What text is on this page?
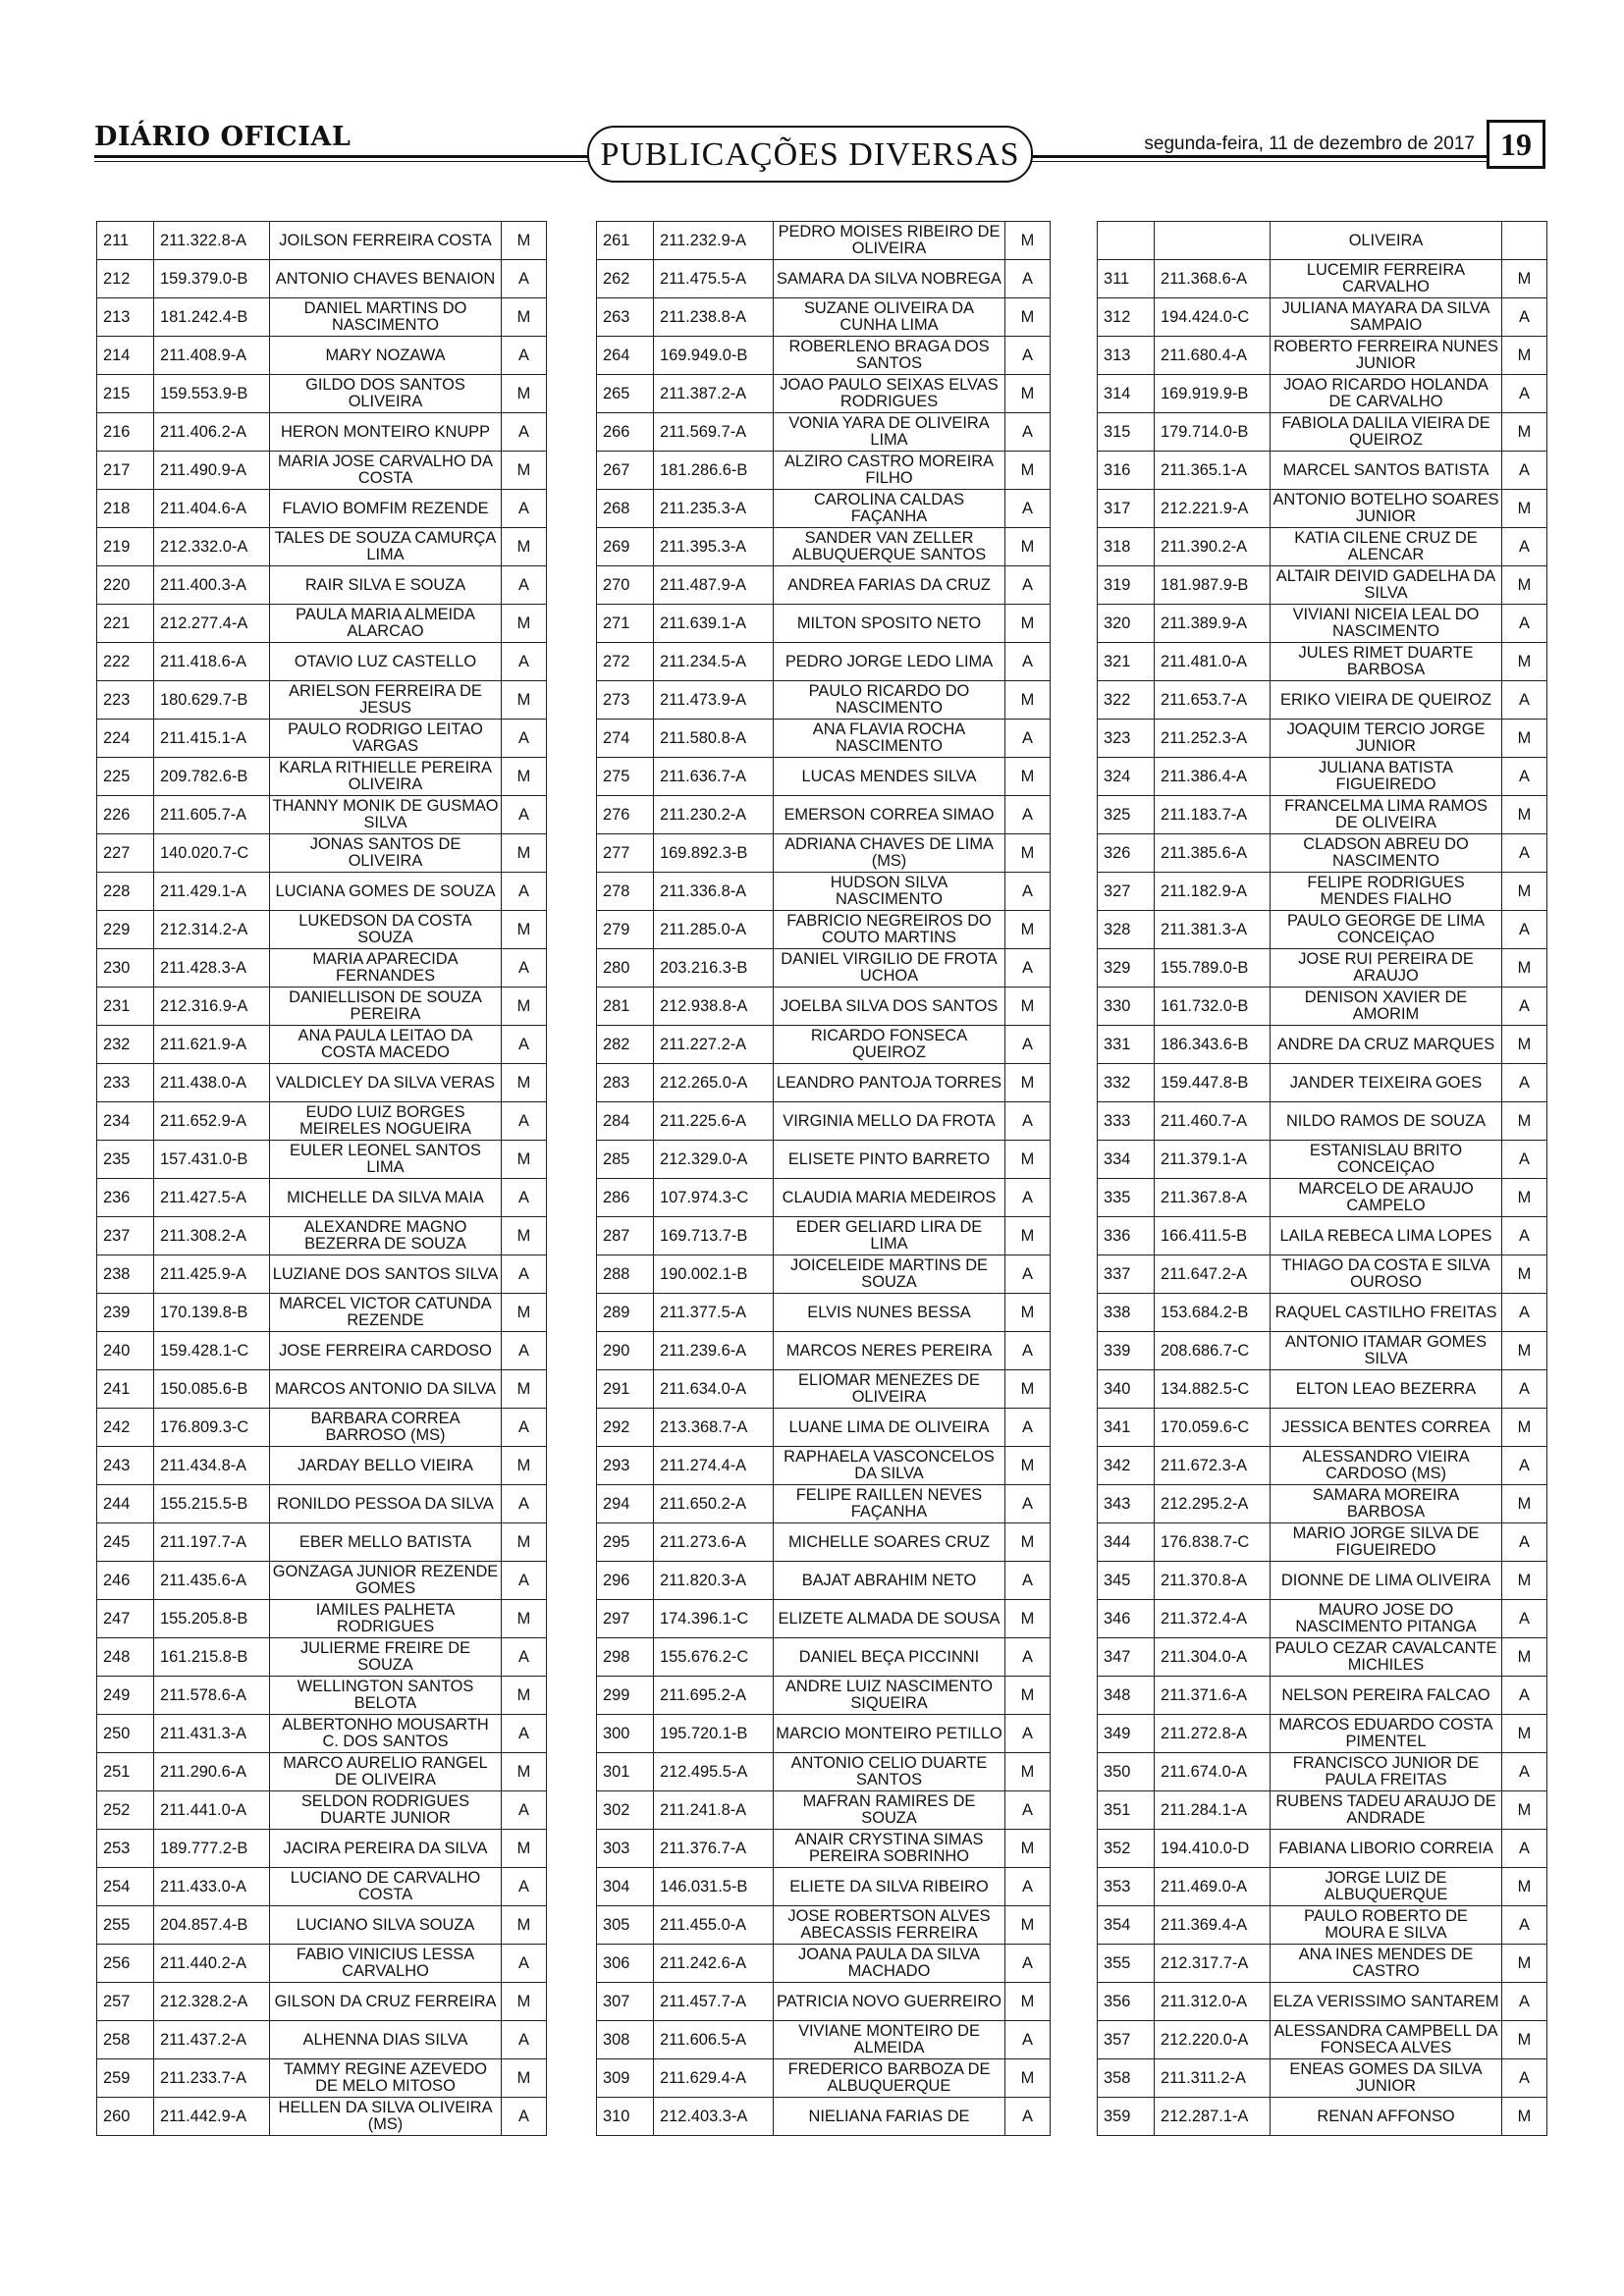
DIÁRIO OFICIAL	PUBLICAÇÕES DIVERSAS	segunda-feira, 11 de dezembro de 2017 19
211	211.322.8-A	JOILSON FERREIRA COSTA	M
212	159.379.0-B	ANTONIO CHAVES BENAION	A
213	181.242.4-B	DANIEL MARTINS DO NASCIMENTO	M
214	211.408.9-A	MARY NOZAWA	A
215	159.553.9-B	GILDO DOS SANTOS OLIVEIRA	M
216	211.406.2-A	HERON MONTEIRO KNUPP	A
217	211.490.9-A	MARIA JOSE CARVALHO DA COSTA	M
218	211.404.6-A	FLAVIO BOMFIM REZENDE	A
219	212.332.0-A	TALES DE SOUZA CAMURÇA LIMA	M
220	211.400.3-A	RAIR SILVA E SOUZA	A
221	212.277.4-A	PAULA MARIA ALMEIDA ALARCAO	M
222	211.418.6-A	OTAVIO LUZ CASTELLO	A
223	180.629.7-B	ARIELSON FERREIRA DE JESUS	M
224	211.415.1-A	PAULO RODRIGO LEITAO VARGAS	A
225	209.782.6-B	KARLA RITHIELLE PEREIRA OLIVEIRA	M
226	211.605.7-A	THANNY MONIK DE GUSMAO SILVA	A
227	140.020.7-C	JONAS SANTOS DE OLIVEIRA	M
228	211.429.1-A	LUCIANA GOMES DE SOUZA	A
229	212.314.2-A	LUKEDSON DA COSTA SOUZA	M
230	211.428.3-A	MARIA APARECIDA FERNANDES	A
231	212.316.9-A	DANIELLISON DE SOUZA PEREIRA	M
232	211.621.9-A	ANA PAULA LEITAO DA COSTA MACEDO	A
233	211.438.0-A	VALDICLEY DA SILVA VERAS	M
234	211.652.9-A	EUDO LUIZ BORGES MEIRELES NOGUEIRA	A
235	157.431.0-B	EULER LEONEL SANTOS LIMA	M
236	211.427.5-A	MICHELLE DA SILVA MAIA	A
237	211.308.2-A	ALEXANDRE MAGNO BEZERRA DE SOUZA	M
238	211.425.9-A	LUZIANE DOS SANTOS SILVA	A
239	170.139.8-B	MARCEL VICTOR CATUNDA REZENDE	M
240	159.428.1-C	JOSE FERREIRA CARDOSO	A
241	150.085.6-B	MARCOS ANTONIO DA SILVA	M
242	176.809.3-C	BARBARA CORREA BARROSO (MS)	A
243	211.434.8-A	JARDAY BELLO VIEIRA	M
244	155.215.5-B	RONILDO PESSOA DA SILVA	A
245	211.197.7-A	EBER MELLO BATISTA	M
246	211.435.6-A	GONZAGA JUNIOR REZENDE GOMES	A
247	155.205.8-B	IAMILES PALHETA RODRIGUES	M
248	161.215.8-B	JULIERME FREIRE DE SOUZA	A
249	211.578.6-A	WELLINGTON SANTOS BELOTA	M
250	211.431.3-A	ALBERTONHO MOUSARTH C. DOS SANTOS	A
251	211.290.6-A	MARCO AURELIO RANGEL DE OLIVEIRA	M
252	211.441.0-A	SELDON RODRIGUES DUARTE JUNIOR	A
253	189.777.2-B	JACIRA PEREIRA DA SILVA	M
254	211.433.0-A	LUCIANO DE CARVALHO COSTA	A
255	204.857.4-B	LUCIANO SILVA SOUZA	M
256	211.440.2-A	FABIO VINICIUS LESSA CARVALHO	A
257	212.328.2-A	GILSON DA CRUZ FERREIRA	M
258	211.437.2-A	ALHENNA DIAS SILVA	A
259	211.233.7-A	TAMMY REGINE AZEVEDO DE MELO MITOSO	M
260	211.442.9-A	HELLEN DA SILVA OLIVEIRA (MS)	A
261	211.232.9-A	PEDRO MOISES RIBEIRO DE OLIVEIRA	M
262	211.475.5-A	SAMARA DA SILVA NOBREGA	A
263	211.238.8-A	SUZANE OLIVEIRA DA CUNHA LIMA	M
264	169.949.0-B	ROBERLENO BRAGA DOS SANTOS	A
265	211.387.2-A	JOAO PAULO SEIXAS ELVAS RODRIGUES	M
266	211.569.7-A	VONIA YARA DE OLIVEIRA LIMA	A
267	181.286.6-B	ALZIRO CASTRO MOREIRA FILHO	M
268	211.235.3-A	CAROLINA CALDAS FAÇANHA	A
269	211.395.3-A	SANDER VAN ZELLER ALBUQUERQUE SANTOS	M
270	211.487.9-A	ANDREA FARIAS DA CRUZ	A
271	211.639.1-A	MILTON SPOSITO NETO	M
272	211.234.5-A	PEDRO JORGE LEDO LIMA	A
273	211.473.9-A	PAULO RICARDO DO NASCIMENTO	M
274	211.580.8-A	ANA FLAVIA ROCHA NASCIMENTO	A
275	211.636.7-A	LUCAS MENDES SILVA	M
276	211.230.2-A	EMERSON CORREA SIMAO	A
277	169.892.3-B	ADRIANA CHAVES DE LIMA (MS)	M
278	211.336.8-A	HUDSON SILVA NASCIMENTO	A
279	211.285.0-A	FABRICIO NEGREIROS DO COUTO MARTINS	M
280	203.216.3-B	DANIEL VIRGILIO DE FROTA UCHOA	A
281	212.938.8-A	JOELBA SILVA DOS SANTOS	M
282	211.227.2-A	RICARDO FONSECA QUEIROZ	A
283	212.265.0-A	LEANDRO PANTOJA TORRES	M
284	211.225.6-A	VIRGINIA MELLO DA FROTA	A
285	212.329.0-A	ELISETE PINTO BARRETO	M
286	107.974.3-C	CLAUDIA MARIA MEDEIROS	A
287	169.713.7-B	EDER GELIARD LIRA DE LIMA	M
288	190.002.1-B	JOICELEIDE MARTINS DE SOUZA	A
289	211.377.5-A	ELVIS NUNES BESSA	M
290	211.239.6-A	MARCOS NERES PEREIRA	A
291	211.634.0-A	ELIOMAR MENEZES DE OLIVEIRA	M
292	213.368.7-A	LUANE LIMA DE OLIVEIRA	A
293	211.274.4-A	RAPHAELA VASCONCELOS DA SILVA	M
294	211.650.2-A	FELIPE RAILLEN NEVES FAÇANHA	A
295	211.273.6-A	MICHELLE SOARES CRUZ	M
296	211.820.3-A	BAJAT ABRAHIM NETO	A
297	174.396.1-C	ELIZETE ALMADA DE SOUSA	M
298	155.676.2-C	DANIEL BEÇA PICCINNI	A
299	211.695.2-A	ANDRE LUIZ NASCIMENTO SIQUEIRA	M
300	195.720.1-B	MARCIO MONTEIRO PETILLO	A
301	212.495.5-A	ANTONIO CELIO DUARTE SANTOS	M
302	211.241.8-A	MAFRAN RAMIRES DE SOUZA	A
303	211.376.7-A	ANAIR CRYSTINA SIMAS PEREIRA SOBRINHO	M
304	146.031.5-B	ELIETE DA SILVA RIBEIRO	A
305	211.455.0-A	JOSE ROBERTSON ALVES ABECASSIS FERREIRA	M
306	211.242.6-A	JOANA PAULA DA SILVA MACHADO	A
307	211.457.7-A	PATRICIA NOVO GUERREIRO	M
308	211.606.5-A	VIVIANE MONTEIRO DE ALMEIDA	A
309	211.629.4-A	FREDERICO BARBOZA DE ALBUQUERQUE	M
310	212.403.3-A	NIELIANA FARIAS DE	A
		OLIVEIRA	
311	211.368.6-A	LUCEMIR FERREIRA CARVALHO	M
312	194.424.0-C	JULIANA MAYARA DA SILVA SAMPAIO	A
313	211.680.4-A	ROBERTO FERREIRA NUNES JUNIOR	M
314	169.919.9-B	JOAO RICARDO HOLANDA DE CARVALHO	A
315	179.714.0-B	FABIOLA DALILA VIEIRA DE QUEIROZ	M
316	211.365.1-A	MARCEL SANTOS BATISTA	A
317	212.221.9-A	ANTONIO BOTELHO SOARES JUNIOR	M
318	211.390.2-A	KATIA CILENE CRUZ DE ALENCAR	A
319	181.987.9-B	ALTAIR DEIVID GADELHA DA SILVA	M
320	211.389.9-A	VIVIANI NICEIA LEAL DO NASCIMENTO	A
321	211.481.0-A	JULES RIMET DUARTE BARBOSA	M
322	211.653.7-A	ERIKO VIEIRA DE QUEIROZ	A
323	211.252.3-A	JOAQUIM TERCIO JORGE JUNIOR	M
324	211.386.4-A	JULIANA BATISTA FIGUEIREDO	A
325	211.183.7-A	FRANCELMA LIMA RAMOS DE OLIVEIRA	M
326	211.385.6-A	CLADSON ABREU DO NASCIMENTO	A
327	211.182.9-A	FELIPE RODRIGUES MENDES FIALHO	M
328	211.381.3-A	PAULO GEORGE DE LIMA CONCEIÇAO	A
329	155.789.0-B	JOSE RUI PEREIRA DE ARAUJO	M
330	161.732.0-B	DENISON XAVIER DE AMORIM	A
331	186.343.6-B	ANDRE DA CRUZ MARQUES	M
332	159.447.8-B	JANDER TEIXEIRA GOES	A
333	211.460.7-A	NILDO RAMOS DE SOUZA	M
334	211.379.1-A	ESTANISLAU BRITO CONCEIÇAO	A
335	211.367.8-A	MARCELO DE ARAUJO CAMPELO	M
336	166.411.5-B	LAILA REBECA LIMA LOPES	A
337	211.647.2-A	THIAGO DA COSTA E SILVA OUROSO	M
338	153.684.2-B	RAQUEL CASTILHO FREITAS	A
339	208.686.7-C	ANTONIO ITAMAR GOMES SILVA	M
340	134.882.5-C	ELTON LEAO BEZERRA	A
341	170.059.6-C	JESSICA BENTES CORREA	M
342	211.672.3-A	ALESSANDRO VIEIRA CARDOSO (MS)	A
343	212.295.2-A	SAMARA MOREIRA BARBOSA	M
344	176.838.7-C	MARIO JORGE SILVA DE FIGUEIREDO	A
345	211.370.8-A	DIONNE DE LIMA OLIVEIRA	M
346	211.372.4-A	MAURO JOSE DO NASCIMENTO PITANGA	A
347	211.304.0-A	PAULO CEZAR CAVALCANTE MICHILES	M
348	211.371.6-A	NELSON PEREIRA FALCAO	A
349	211.272.8-A	MARCOS EDUARDO COSTA PIMENTEL	M
350	211.674.0-A	FRANCISCO JUNIOR DE PAULA FREITAS	A
351	211.284.1-A	RUBENS TADEU ARAUJO DE ANDRADE	M
352	194.410.0-D	FABIANA LIBORIO CORREIA	A
353	211.469.0-A	JORGE LUIZ DE ALBUQUERQUE	M
354	211.369.4-A	PAULO ROBERTO DE MOURA E SILVA	A
355	212.317.7-A	ANA INES MENDES DE CASTRO	M
356	211.312.0-A	ELZA VERISSIMO SANTAREM	A
357	212.220.0-A	ALESSANDRA CAMPBELL DA FONSECA ALVES	M
358	211.311.2-A	ENEAS GOMES DA SILVA JUNIOR	A
359	212.287.1-A	RENAN AFFONSO	M
